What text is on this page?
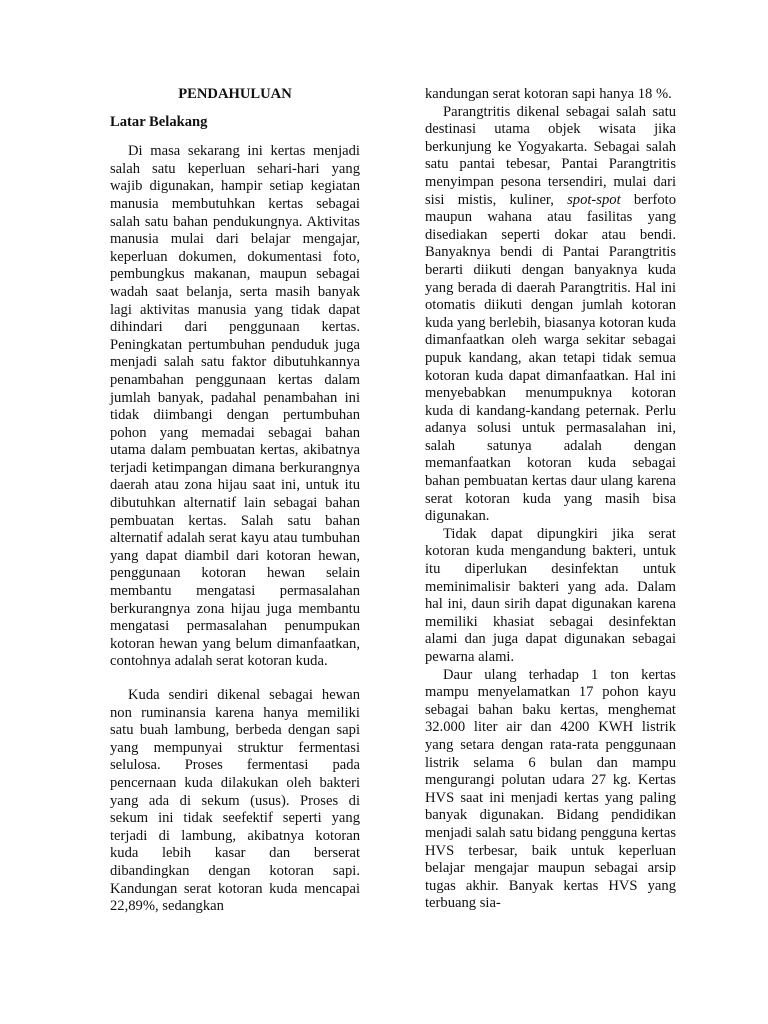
PENDAHULUAN
Latar Belakang

Di masa sekarang ini kertas menjadi salah satu keperluan sehari-hari yang wajib digunakan, hampir setiap kegiatan manusia membutuhkan kertas sebagai salah satu bahan pendukungnya. Aktivitas manusia mulai dari belajar mengajar, keperluan dokumen, dokumentasi foto, pembungkus makanan, maupun sebagai wadah saat belanja, serta masih banyak lagi aktivitas manusia yang tidak dapat dihindari dari penggunaan kertas. Peningkatan pertumbuhan penduduk juga menjadi salah satu faktor dibutuhkannya penambahan penggunaan kertas dalam jumlah banyak, padahal penambahan ini tidak diimbangi dengan pertumbuhan pohon yang memadai sebagai bahan utama dalam pembuatan kertas, akibatnya terjadi ketimpangan dimana berkurangnya daerah atau zona hijau saat ini, untuk itu dibutuhkan alternatif lain sebagai bahan pembuatan kertas. Salah satu bahan alternatif adalah serat kayu atau tumbuhan yang dapat diambil dari kotoran hewan, penggunaan kotoran hewan selain membantu mengatasi permasalahan berkurangnya zona hijau juga membantu mengatasi permasalahan penumpukan kotoran hewan yang belum dimanfaatkan, contohnya adalah serat kotoran kuda.

Kuda sendiri dikenal sebagai hewan non ruminansia karena hanya memiliki satu buah lambung, berbeda dengan sapi yang mempunyai struktur fermentasi selulosa. Proses fermentasi pada pencernaan kuda dilakukan oleh bakteri yang ada di sekum (usus). Proses di sekum ini tidak seefektif seperti yang terjadi di lambung, akibatnya kotoran kuda lebih kasar dan berserat dibandingkan dengan kotoran sapi. Kandungan serat kotoran kuda mencapai 22,89%, sedangkan

kandungan serat kotoran sapi hanya 18 %.

Parangtritis dikenal sebagai salah satu destinasi utama objek wisata jika berkunjung ke Yogyakarta. Sebagai salah satu pantai tebesar, Pantai Parangtritis menyimpan pesona tersendiri, mulai dari sisi mistis, kuliner, spot-spot berfoto maupun wahana atau fasilitas yang disediakan seperti dokar atau bendi. Banyaknya bendi di Pantai Parangtritis berarti diikuti dengan banyaknya kuda yang berada di daerah Parangtritis. Hal ini otomatis diikuti dengan jumlah kotoran kuda yang berlebih, biasanya kotoran kuda dimanfaatkan oleh warga sekitar sebagai pupuk kandang, akan tetapi tidak semua kotoran kuda dapat dimanfaatkan. Hal ini menyebabkan menumpuknya kotoran kuda di kandang-kandang peternak. Perlu adanya solusi untuk permasalahan ini, salah satunya adalah dengan memanfaatkan kotoran kuda sebagai bahan pembuatan kertas daur ulang karena serat kotoran kuda yang masih bisa digunakan.

Tidak dapat dipungkiri jika serat kotoran kuda mengandung bakteri, untuk itu diperlukan desinfektan untuk meminimalisir bakteri yang ada. Dalam hal ini, daun sirih dapat digunakan karena memiliki khasiat sebagai desinfektan alami dan juga dapat digunakan sebagai pewarna alami.

Daur ulang terhadap 1 ton kertas mampu menyelamatkan 17 pohon kayu sebagai bahan baku kertas, menghemat 32.000 liter air dan 4200 KWH listrik yang setara dengan rata-rata penggunaan listrik selama 6 bulan dan mampu mengurangi polutan udara 27 kg. Kertas HVS saat ini menjadi kertas yang paling banyak digunakan. Bidang pendidikan menjadi salah satu bidang pengguna kertas HVS terbesar, baik untuk keperluan belajar mengajar maupun sebagai arsip tugas akhir. Banyak kertas HVS yang terbuang sia-
